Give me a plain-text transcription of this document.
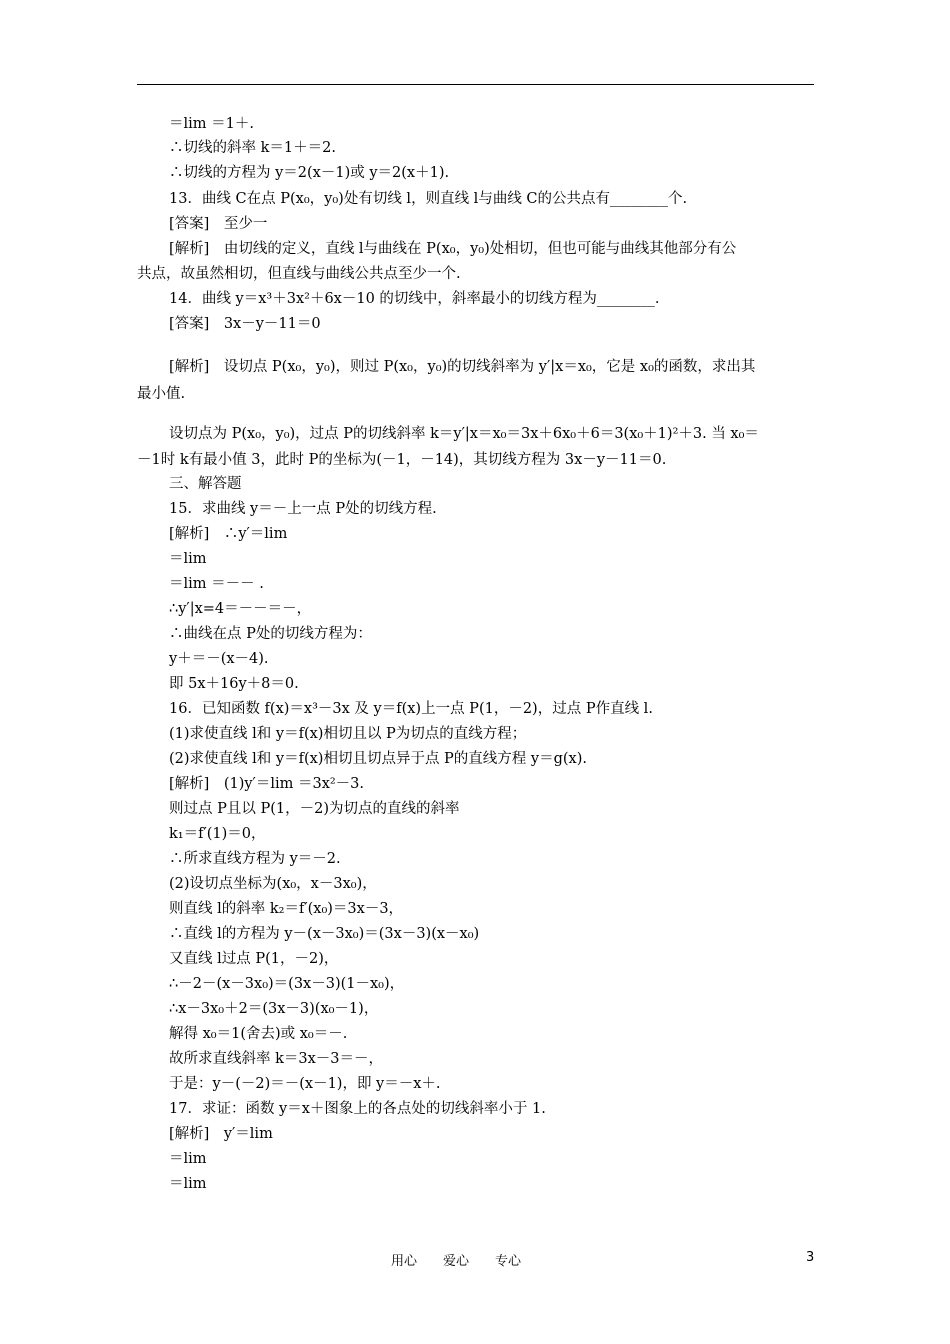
＝lim ＝1＋.
∴切线的斜率 k＝1＋＝2.
∴切线的方程为 y＝2(x－1)或 y＝2(x＋1).
13．曲线 C在点 P(x₀，y₀)处有切线 l，则直线 l与曲线 C的公共点有________个.
[答案]　至少一
[解析]　由切线的定义，直线 l与曲线在 P(x₀，y₀)处相切，但也可能与曲线其他部分有公
共点，故虽然相切，但直线与曲线公共点至少一个.
14．曲线 y＝x³＋3x²＋6x－10 的切线中，斜率最小的切线方程为________.
[答案]　3x－y－11＝0
[解析]　设切点 P(x₀，y₀)，则过 P(x₀，y₀)的切线斜率为 y′|x＝x₀，它是 x₀的函数，求出其
最小值.
设切点为 P(x₀，y₀)，过点 P的切线斜率 k＝y′|x＝x₀＝3x＋6x₀＋6＝3(x₀＋1)²＋3. 当 x₀＝
－1时 k有最小值 3，此时 P的坐标为(－1，－14)，其切线方程为 3x－y－11＝0.
三、解答题
15．求曲线 y＝－上一点 P处的切线方程.
[解析]　∴y′＝lim
＝lim
＝lim ＝－－ .
∴y′|x=4＝－－＝－，
∴曲线在点 P处的切线方程为：
y＋＝－(x－4).
即 5x＋16y＋8＝0.
16．已知函数 f(x)＝x³－3x 及 y＝f(x)上一点 P(1，－2)，过点 P作直线 l.
(1)求使直线 l和 y＝f(x)相切且以 P为切点的直线方程；
(2)求使直线 l和 y＝f(x)相切且切点异于点 P的直线方程 y＝g(x).
[解析]　(1)y′＝lim ＝3x²－3.
则过点 P且以 P(1，－2)为切点的直线的斜率
k₁＝f′(1)＝0，
∴所求直线方程为 y＝－2.
(2)设切点坐标为(x₀，x－3x₀)，
则直线 l的斜率 k₂＝f′(x₀)＝3x－3，
∴直线 l的方程为 y－(x－3x₀)＝(3x－3)(x－x₀)
又直线 l过点 P(1，－2)，
∴－2－(x－3x₀)＝(3x－3)(1－x₀)，
∴x－3x₀＋2＝(3x－3)(x₀－1)，
解得 x₀＝1(舍去)或 x₀＝－.
故所求直线斜率 k＝3x－3＝－，
于是：y－(－2)＝－(x－1)，即 y＝－x＋.
17．求证：函数 y＝x＋图象上的各点处的切线斜率小于 1.
[解析]　y′＝lim
＝lim
＝lim
用心　　爱心　　专心	3
